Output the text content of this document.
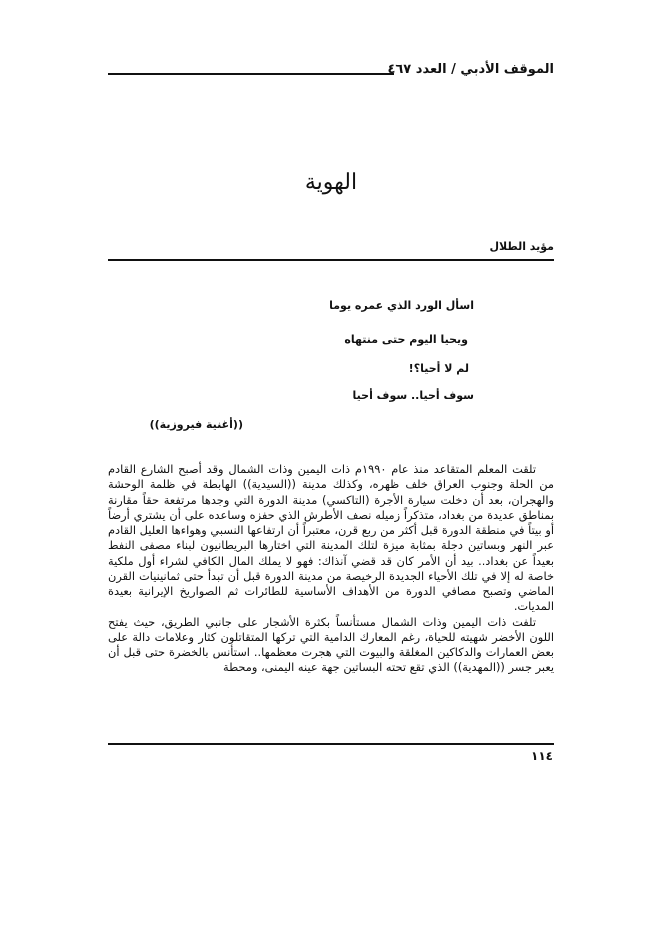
الموقف الأدبي / العدد ٤٦٧
الهوية
مؤيد الطلال
اسأل الورد الذي عمره يوما
ويحيا اليوم حتى منتهاه
لم لا أحيا؟!
سوف أحيا.. سوف أحيا
((أغنية فيروزية))

تلقت المعلم المتقاعد منذ عام ١٩٩٠م ذات اليمين وذات الشمال وقد أصبح الشارع القادم من الحلة وجنوب العراق خلف ظهره، وكذلك مدينة ((السيدية)) الهابطة في ظلمة الوحشة والهجران، بعد أن دخلت سيارة الأجرة (التاكسي) مدينة الدورة التي وجدها مرتفعة حقاً مقارنة بمناطق عديدة من بغداد، متذكراً زميله نصف الأطرش الذي حفزه وساعده على أن يشتري أرضاً أو بيتاً في منطقة الدورة قبل أكثر من ربع قرن، معتبراً أن ارتفاعها النسبي وهواءها العليل القادم عبر النهر وبساتين دجلة بمثابة ميزة لتلك المدينة التي اختارها البريطانيون لبناء مصفى النفط بعيداً عن بغداد.. بيد أن الأمر كان قد قضي آنذاك: فهو لا يملك المال الكافي لشراء أول ملكية خاصة له إلا في تلك الأحياء الجديدة الرخيصة من مدينة الدورة قبل أن تبدأ حتى ثمانينيات القرن الماضي وتصبح مصافي الدورة من الأهداف الأساسية للطائرات ثم الصواريخ الإيرانية بعيدة المديات.

تلفت ذات اليمين وذات الشمال مستأنساً بكثرة الأشجار على جانبي الطريق، حيث يفتح اللون الأخضر شهيته للحياة، رغم المعارك الدامية التي تركها المتقاتلون كثار وعلامات دالة على بعض العمارات والدكاكين المغلقة والبيوت التي هجرت معظمها.. استأنس بالخضرة حتى قبل أن يعبر جسر ((المهدية)) الذي تقع تحته البساتين جهة عينه اليمنى، ومحطة

١١٤
